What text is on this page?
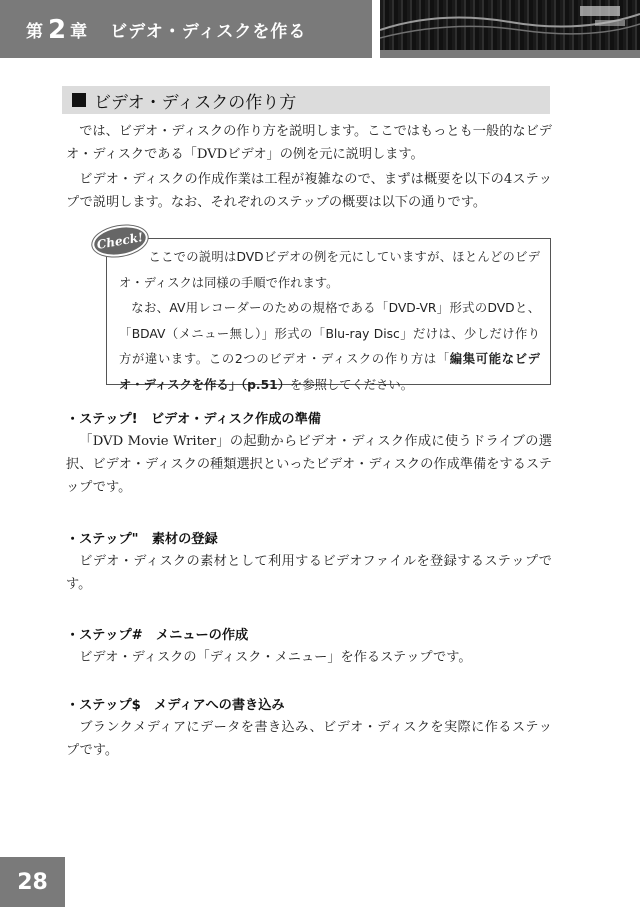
第 2 章 ビデオ・ディスクを作る
ビデオ・ディスクの作り方

では、ビデオ・ディスクの作り方を説明します。ここではもっとも一般的なビデオ・ディスクである「DVDビデオ」の例を元に説明します。

ビデオ・ディスクの作成作業は工程が複雑なので、まずは概要を以下の4ステップで説明します。なお、それぞれのステップの概要は以下の通りです。

ここでの説明はDVDビデオの例を元にしていますが、ほとんどのビデオ・ディスクは同様の手順で作れます。

なお、AV用レコーダーのための規格である「DVD-VR」形式のDVDと、「BDAV（メニュー無し）」形式の「Blu-ray Disc」だけは、少しだけ作り方が違います。この2つのビデオ・ディスクの作り方は「編集可能なビデオ・ディスクを作る」（p.51）を参照してください。

Check!

・ステップ!　ビデオ・ディスク作成の準備

「DVD Movie Writer」の起動からビデオ・ディスク作成に使うドライブの選択、ビデオ・ディスクの種類選択といったビデオ・ディスクの作成準備をするステップです。

・ステップ"　素材の登録

ビデオ・ディスクの素材として利用するビデオファイルを登録するステップです。

・ステップ#　メニューの作成

ビデオ・ディスクの「ディスク・メニュー」を作るステップです。

・ステップ$　メディアへの書き込み

ブランクメディアにデータを書き込み、ビデオ・ディスクを実際に作るステップです。

28
